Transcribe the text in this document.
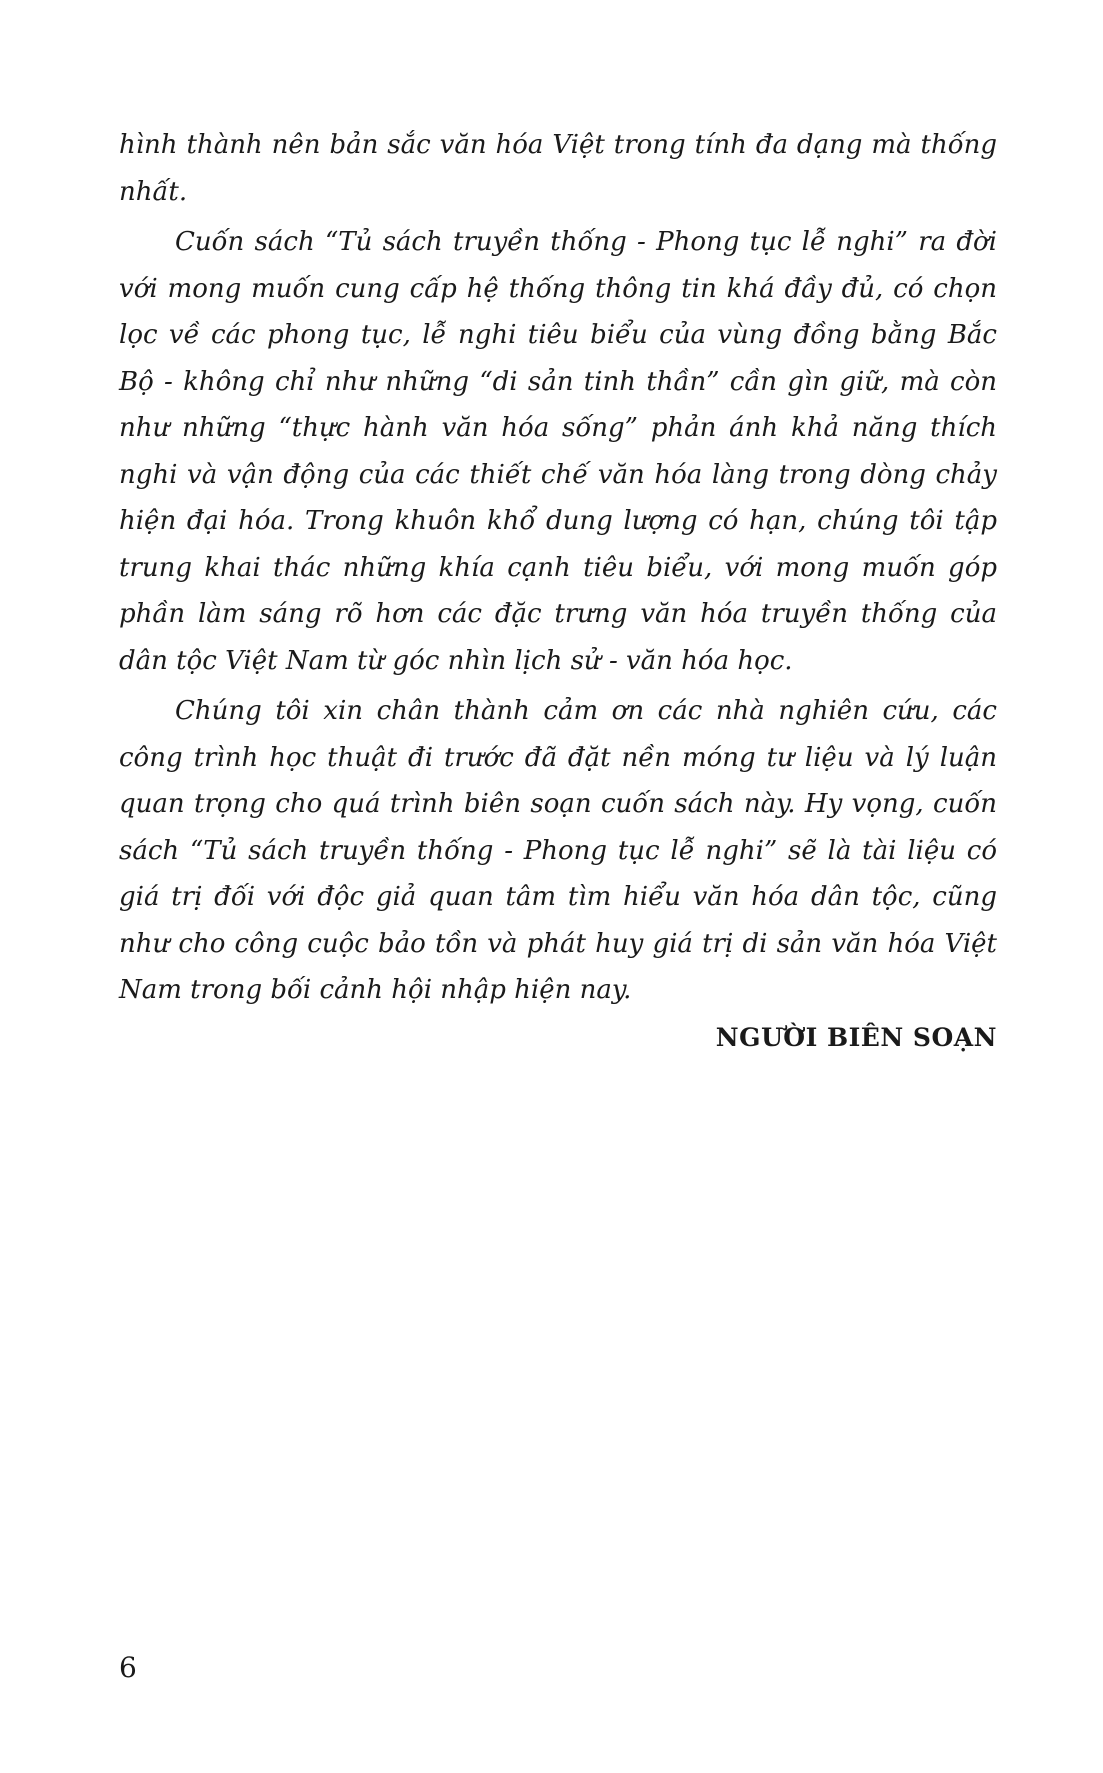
hình thành nên bản sắc văn hóa Việt trong tính đa dạng mà thống nhất.

Cuốn sách “Tủ sách truyền thống - Phong tục lễ nghi” ra đời với mong muốn cung cấp hệ thống thông tin khá đầy đủ, có chọn lọc về các phong tục, lễ nghi tiêu biểu của vùng đồng bằng Bắc Bộ - không chỉ như những “di sản tinh thần” cần gìn giữ, mà còn như những “thực hành văn hóa sống” phản ánh khả năng thích nghi và vận động của các thiết chế văn hóa làng trong dòng chảy hiện đại hóa. Trong khuôn khổ dung lượng có hạn, chúng tôi tập trung khai thác những khía cạnh tiêu biểu, với mong muốn góp phần làm sáng rõ hơn các đặc trưng văn hóa truyền thống của dân tộc Việt Nam từ góc nhìn lịch sử - văn hóa học.

Chúng tôi xin chân thành cảm ơn các nhà nghiên cứu, các công trình học thuật đi trước đã đặt nền móng tư liệu và lý luận quan trọng cho quá trình biên soạn cuốn sách này. Hy vọng, cuốn sách “Tủ sách truyền thống - Phong tục lễ nghi” sẽ là tài liệu có giá trị đối với độc giả quan tâm tìm hiểu văn hóa dân tộc, cũng như cho công cuộc bảo tồn và phát huy giá trị di sản văn hóa Việt Nam trong bối cảnh hội nhập hiện nay.

NGƯỜI BIÊN SOẠN
6
